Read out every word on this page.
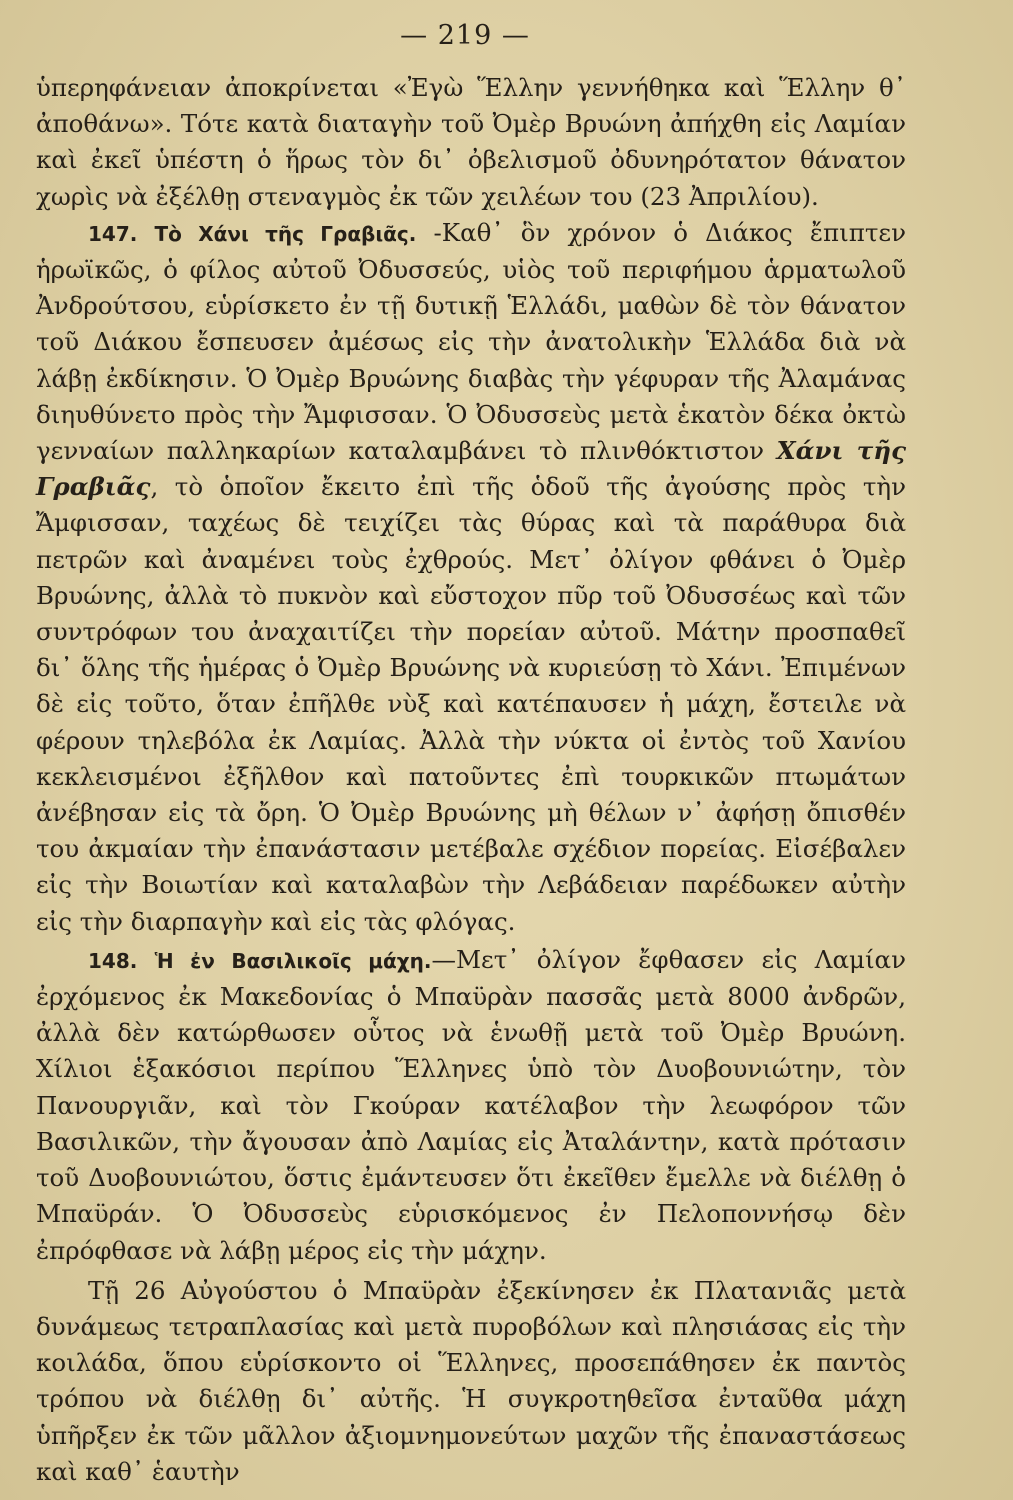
— 219 —

ὑπερηφάνειαν ἀποκρίνεται «Ἐγὼ Ἕλλην γεννήθηκα καὶ Ἕλλην θ᾽ ἀποθάνω». Τότε κατὰ διαταγὴν τοῦ Ὀμὲρ Βρυώνη ἀπήχθη εἰς Λαμίαν καὶ ἐκεῖ ὑπέστη ὁ ἥρως τὸν δι᾽ ὀβελισμοῦ ὀδυνηρότατον θάνατον χωρὶς νὰ ἐξέλθῃ στεναγμὸς ἐκ τῶν χειλέων του (23 Ἀπριλίου).

147. Τὸ Χάνι τῆς Γραβιᾶς. -Καθ᾽ ὃν χρόνον ὁ Διάκος ἔπιπτεν ἡρωϊκῶς, ὁ φίλος αὐτοῦ Ὀδυσσεύς, υἱὸς τοῦ περιφήμου ἁρματωλοῦ Ἀνδρούτσου, εὑρίσκετο ἐν τῇ δυτικῇ Ἑλλάδι, μαθὼν δὲ τὸν θάνατον τοῦ Διάκου ἔσπευσεν ἀμέσως εἰς τὴν ἀνατολικὴν Ἑλλάδα διὰ νὰ λάβῃ ἐκδίκησιν. Ὁ Ὀμὲρ Βρυώνης διαβὰς τὴν γέφυραν τῆς Ἀλαμάνας διηυθύνετο πρὸς τὴν Ἄμφισσαν. Ὁ Ὀδυσσεὺς μετὰ ἑκατὸν δέκα ὀκτὼ γενναίων παλληκαρίων καταλαμβάνει τὸ πλινθόκτιστον Χάνι τῆς Γραβιᾶς, τὸ ὁποῖον ἔκειτο ἐπὶ τῆς ὁδοῦ τῆς ἀγούσης πρὸς τὴν Ἄμφισσαν, ταχέως δὲ τειχίζει τὰς θύρας καὶ τὰ παράθυρα διὰ πετρῶν καὶ ἀναμένει τοὺς ἐχθρούς. Μετ᾽ ὀλίγον φθάνει ὁ Ὀμὲρ Βρυώνης, ἀλλὰ τὸ πυκνὸν καὶ εὔστοχον πῦρ τοῦ Ὀδυσσέως καὶ τῶν συντρόφων του ἀναχαιτίζει τὴν πορείαν αὐτοῦ. Μάτην προσπαθεῖ δι᾽ ὅλης τῆς ἡμέρας ὁ Ὀμὲρ Βρυώνης νὰ κυριεύσῃ τὸ Χάνι. Ἐπιμένων δὲ εἰς τοῦτο, ὅταν ἐπῆλθε νὺξ καὶ κατέπαυσεν ἡ μάχη, ἔστειλε νὰ φέρουν τηλεβόλα ἐκ Λαμίας. Ἀλλὰ τὴν νύκτα οἱ ἐντὸς τοῦ Χανίου κεκλεισμένοι ἐξῆλθον καὶ πατοῦντες ἐπὶ τουρκικῶν πτωμάτων ἀνέβησαν εἰς τὰ ὄρη. Ὁ Ὀμὲρ Βρυώνης μὴ θέλων ν᾽ ἀφήσῃ ὄπισθέν του ἀκμαίαν τὴν ἐπανάστασιν μετέβαλε σχέδιον πορείας. Εἰσέβαλεν εἰς τὴν Βοιωτίαν καὶ καταλαβὼν τὴν Λεβάδειαν παρέδωκεν αὐτὴν εἰς τὴν διαρπαγὴν καὶ εἰς τὰς φλόγας.

148. Ἡ ἐν Βασιλικοῖς μάχη.—Μετ᾽ ὀλίγον ἔφθασεν εἰς Λαμίαν ἐρχόμενος ἐκ Μακεδονίας ὁ Μπαϋρὰν πασσᾶς μετὰ 8000 ἀνδρῶν, ἀλλὰ δὲν κατώρθωσεν οὗτος νὰ ἑνωθῇ μετὰ τοῦ Ὀμὲρ Βρυώνη. Χίλιοι ἑξακόσιοι περίπου Ἕλληνες ὑπὸ τὸν Δυοβουνιώτην, τὸν Πανουργιᾶν, καὶ τὸν Γκούραν κατέλαβον τὴν λεωφόρον τῶν Βασιλικῶν, τὴν ἄγουσαν ἀπὸ Λαμίας εἰς Ἀταλάντην, κατὰ πρότασιν τοῦ Δυοβουνιώτου, ὅστις ἐμάντευσεν ὅτι ἐκεῖθεν ἔμελλε νὰ διέλθῃ ὁ Μπαϋράν. Ὁ Ὀδυσσεὺς εὑρισκόμενος ἐν Πελοποννήσῳ δὲν ἐπρόφθασε νὰ λάβῃ μέρος εἰς τὴν μάχην.

Τῇ 26 Αὐγούστου ὁ Μπαϋρὰν ἐξεκίνησεν ἐκ Πλατανιᾶς μετὰ δυνάμεως τετραπλασίας καὶ μετὰ πυροβόλων καὶ πλησιάσας εἰς τὴν κοιλάδα, ὅπου εὑρίσκοντο οἱ Ἕλληνες, προσεπάθησεν ἐκ παντὸς τρόπου νὰ διέλθῃ δι᾽ αὐτῆς. Ἡ συγκροτηθεῖσα ἐνταῦθα μάχη ὑπῆρξεν ἐκ τῶν μᾶλλον ἀξιομνημονεύτων μαχῶν τῆς ἐπαναστάσεως καὶ καθ᾽ ἑαυτὴν
